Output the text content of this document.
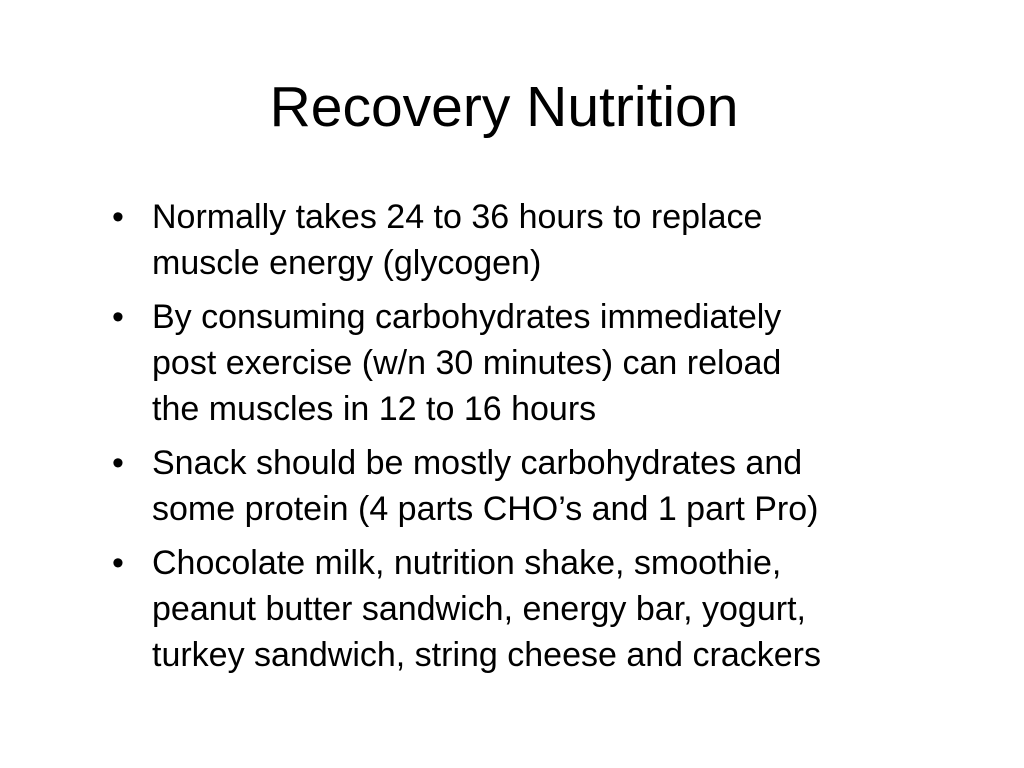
Recovery Nutrition
• Normally takes 24 to 36 hours to replace
muscle energy (glycogen)
• By consuming carbohydrates immediately
post exercise (w/n 30 minutes) can reload
the muscles in 12 to 16 hours
• Snack should be mostly carbohydrates and
some protein (4 parts CHO’s and 1 part Pro)
• Chocolate milk, nutrition shake, smoothie,
peanut butter sandwich, energy bar, yogurt,
turkey sandwich, string cheese and crackers
